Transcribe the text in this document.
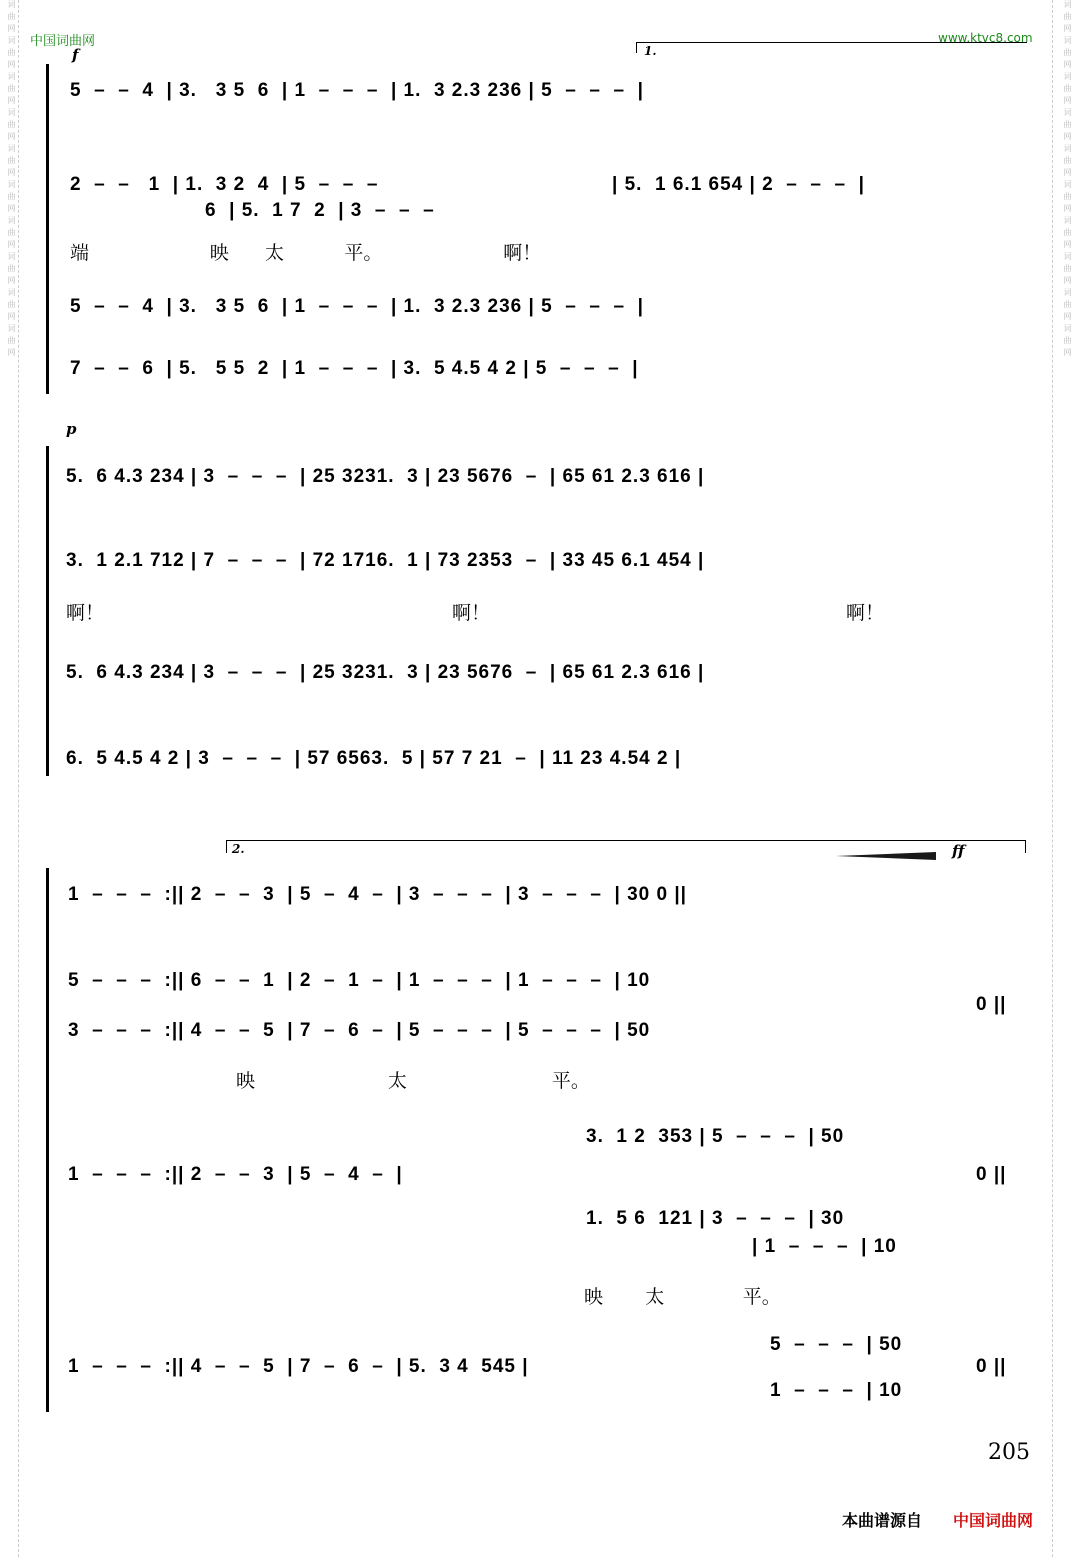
词曲网词曲网词曲网词曲网词曲网词曲网词曲网词曲网词曲网词曲网	词曲网词曲网词曲网词曲网词曲网词曲网词曲网词曲网词曲网词曲网
中国词曲网	www.ktvc8.com
f	1.
5  –  –  4  | 3.   3 5  6  | 1  –  –  –  | 1.  3 2.3 236 | 5  –  –  –  |
2  –  –   1  | 1.  3 2  4  | 5  –  –  –
6  | 5.  1 7  2  | 3  –  –  –
| 5.  1 6.1 654 | 2  –  –  –  |
端                    映      太          平。                    啊！
5  –  –  4  | 3.   3 5  6  | 1  –  –  –  | 1.  3 2.3 236 | 5  –  –  –  |
7  –  –  6  | 5.   5 5  2  | 1  –  –  –  | 3.  5 4.5 4 2 | 5  –  –  –  |
p
5.  6 4.3 234 | 3  –  –  –  | 25 3231.  3 | 23 5676  –  | 65 61 2.3 616 |
3.  1 2.1 712 | 7  –  –  –  | 72 1716.  1 | 73 2353  –  | 33 45 6.1 454 |
啊！	啊！	啊！
5.  6 4.3 234 | 3  –  –  –  | 25 3231.  3 | 23 5676  –  | 65 61 2.3 616 |
6.  5 4.5 4 2 | 3  –  –  –  | 57 6563.  5 | 57 7 21  –  | 11 23 4.54 2 |
2.	ff
1  –  –  –  :|| 2  –  –  3  | 5  –  4  –  | 3  –  –  –  | 3  –  –  –  | 30 0 ||
5  –  –  –  :|| 6  –  –  1  | 2  –  1  –  | 1  –  –  –  | 1  –  –  –  | 10
3  –  –  –  :|| 4  –  –  5  | 7  –  6  –  | 5  –  –  –  | 5  –  –  –  | 50
0 ||
映                      太                        平。
1  –  –  –  :|| 2  –  –  3  | 5  –  4  –  |
3.  1 2  353 | 5  –  –  –  | 50
1.  5 6  121 | 3  –  –  –  | 30
| 1  –  –  –  | 10
0 ||
映       太             平。
1  –  –  –  :|| 4  –  –  5  | 7  –  6  –  | 5.  3 4  545 |
5  –  –  –  | 50
1  –  –  –  | 10
0 ||
205
本曲谱源自 中国词曲网
